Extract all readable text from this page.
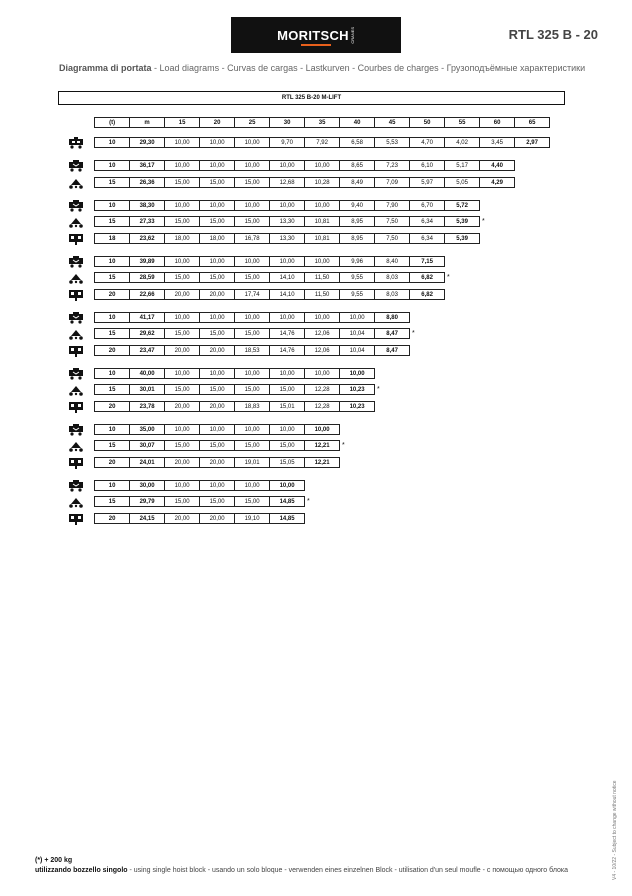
MORITSCH CRANES	RTL 325 B - 20
Diagramma di portata - Load diagrams - Curvas de cargas - Lastkurven - Courbes de charges - Грузоподъёмные характеристики
RTL 325 B-20 M-LIFT
(t)	m	15	20	25	30	35	40	45	50	55	60	65
10	29,30	10,00	10,00	10,00	9,70	7,92	6,58	5,53	4,70	4,02	3,45	2,97
10	36,17	10,00	10,00	10,00	10,00	10,00	8,65	7,23	6,10	5,17	4,40
15	26,36	15,00	15,00	15,00	12,68	10,28	8,49	7,09	5,97	5,05	4,29
10	38,30	10,00	10,00	10,00	10,00	10,00	9,40	7,90	6,70	5,72
15	27,33	15,00	15,00	15,00	13,30	10,81	8,95	7,50	6,34	5,39	*
18	23,62	18,00	18,00	16,78	13,30	10,81	8,95	7,50	6,34	5,39
10	39,89	10,00	10,00	10,00	10,00	10,00	9,96	8,40	7,15
15	28,59	15,00	15,00	15,00	14,10	11,50	9,55	8,03	6,82	*
20	22,66	20,00	20,00	17,74	14,10	11,50	9,55	8,03	6,82
10	41,17	10,00	10,00	10,00	10,00	10,00	10,00	8,80
15	29,62	15,00	15,00	15,00	14,76	12,06	10,04	8,47	*
20	23,47	20,00	20,00	18,53	14,76	12,06	10,04	8,47
10	40,00	10,00	10,00	10,00	10,00	10,00	10,00
15	30,01	15,00	15,00	15,00	15,00	12,28	10,23	*
20	23,78	20,00	20,00	18,83	15,01	12,28	10,23
10	35,00	10,00	10,00	10,00	10,00	10,00
15	30,07	15,00	15,00	15,00	15,00	12,21	*
20	24,01	20,00	20,00	19,01	15,05	12,21
10	30,00	10,00	10,00	10,00	10,00
15	29,79	15,00	15,00	15,00	14,85	*
20	24,15	20,00	20,00	19,10	14,85
(*) + 200 kg
utilizzando bozzello singolo - using single hoist block - usando un solo bloque - verwenden eines einzelnen Block - utilisation d'un seul moufle - с помощью одного блока	V4 - 10/22 - Subject to change without notice
